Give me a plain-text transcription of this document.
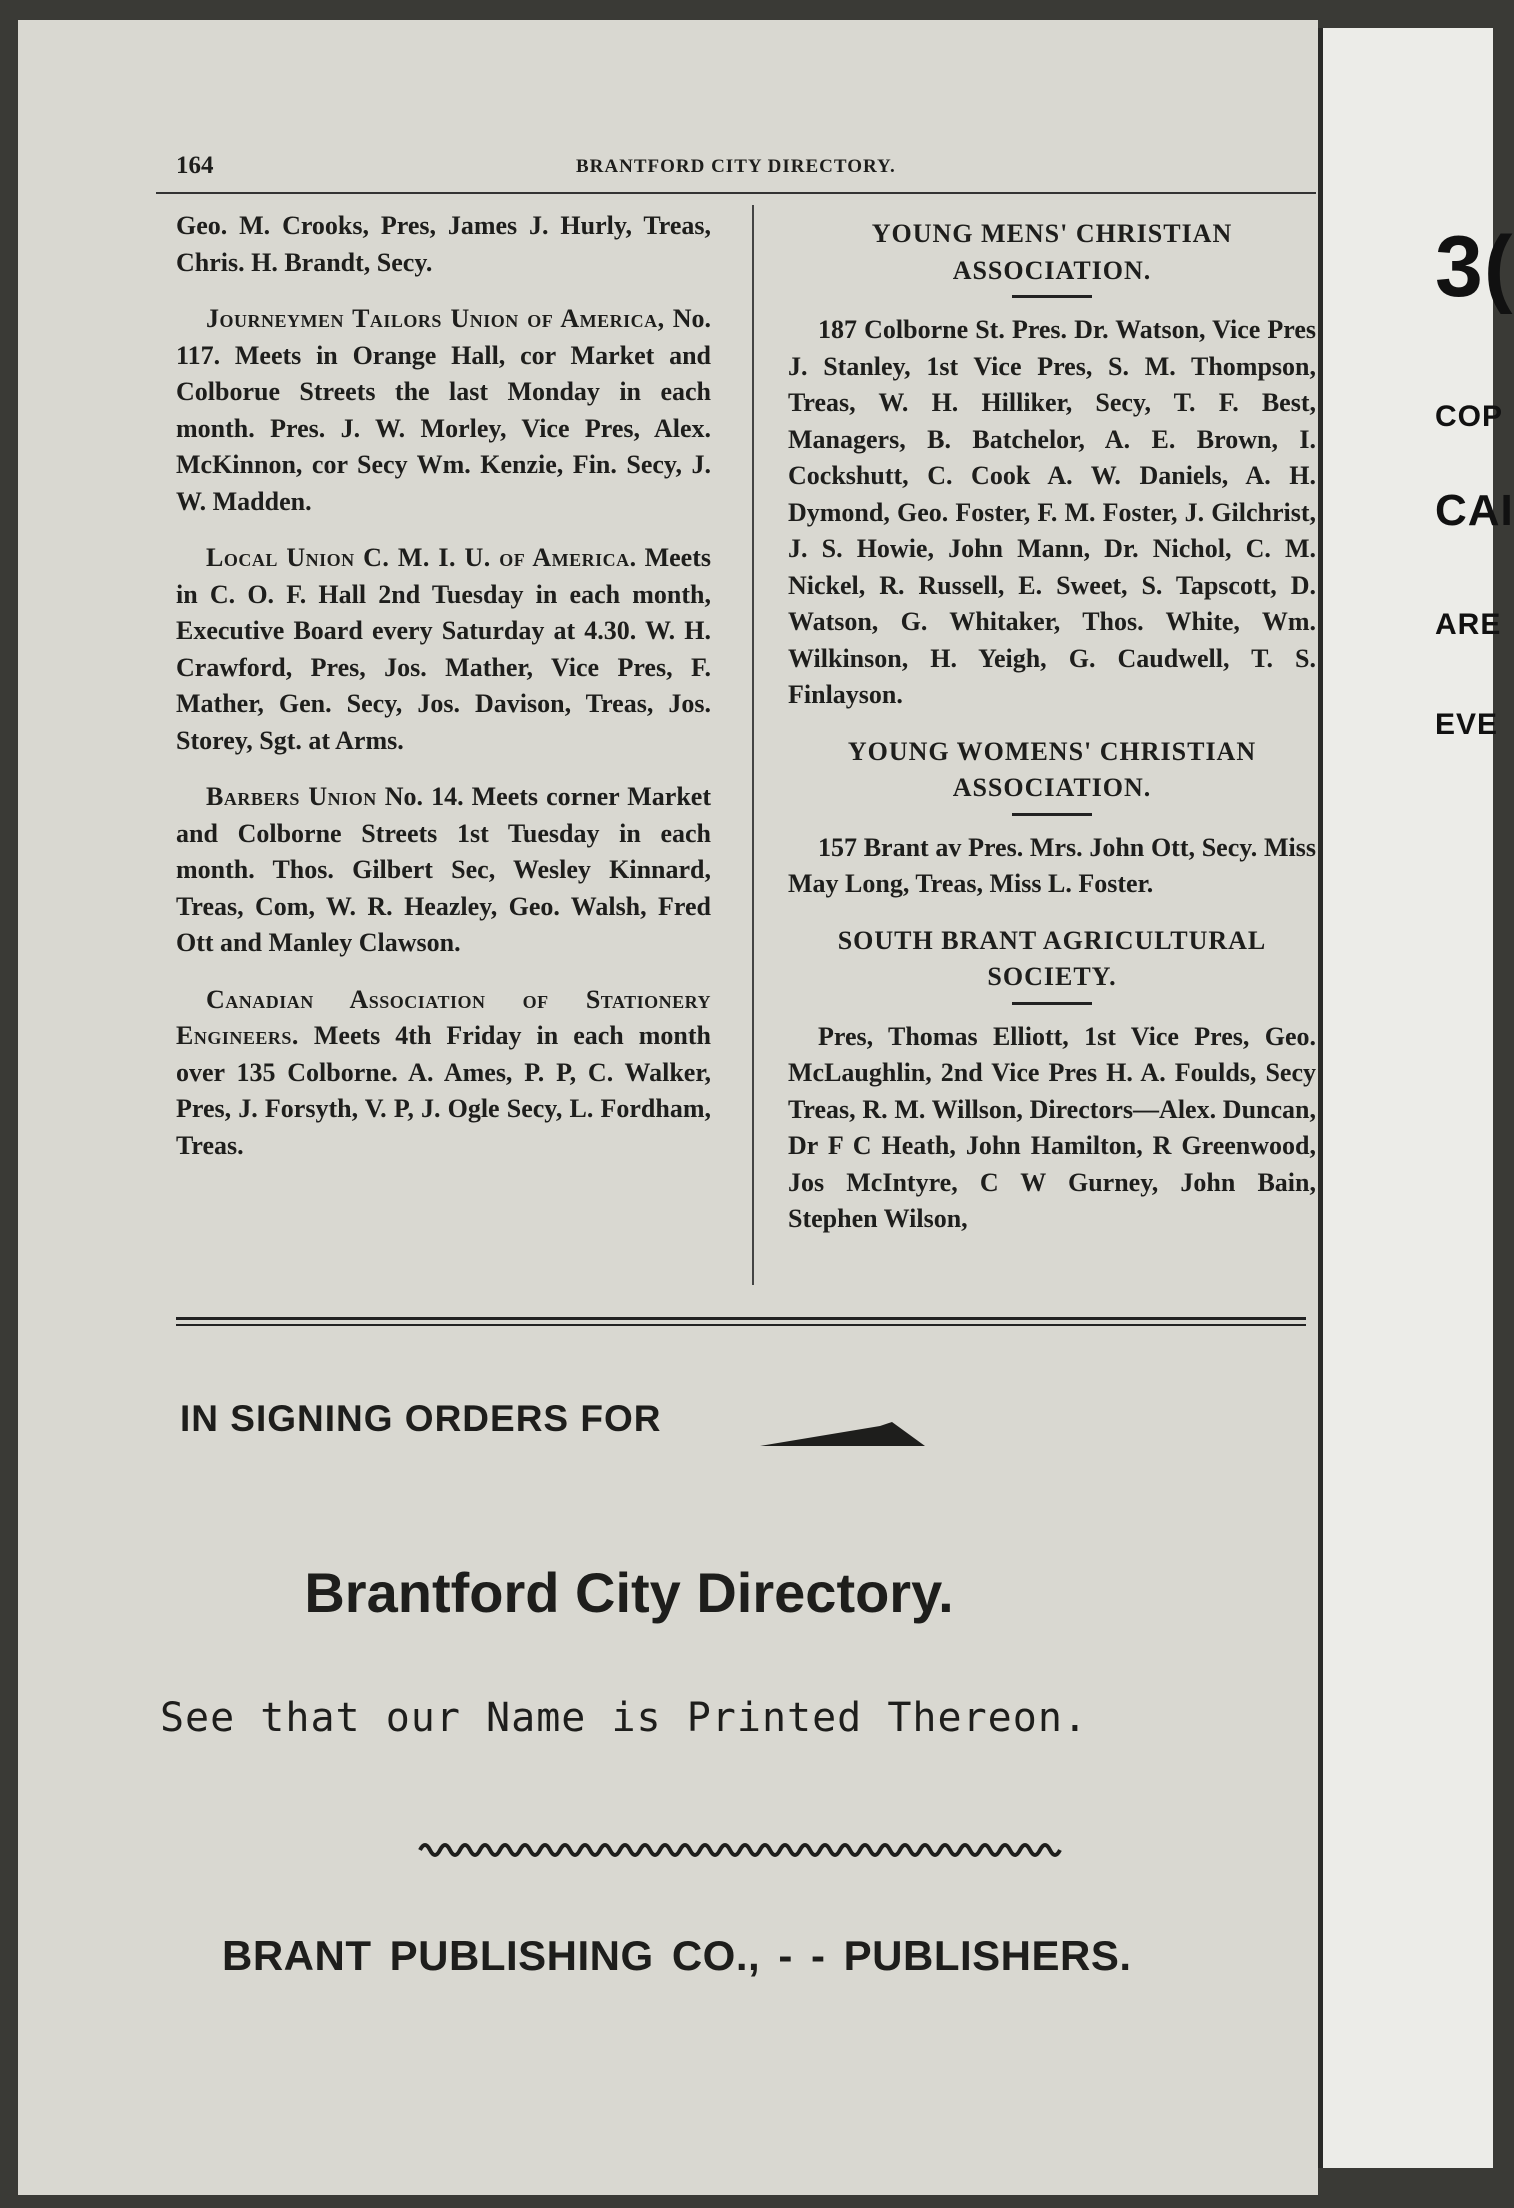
3(
COP
CAI
ARE
EVE
164	BRANTFORD CITY DIRECTORY.
Geo. M. Crooks, Pres, James J. Hurly, Treas, Chris. H. Brandt, Secy.
Journeymen Tailors Union of America, No. 117. Meets in Orange Hall, cor Market and Colborue Streets the last Monday in each month. Pres. J. W. Morley, Vice Pres, Alex. McKinnon, cor Secy Wm. Kenzie, Fin. Secy, J. W. Madden.
Local Union C. M. I. U. of America. Meets in C. O. F. Hall 2nd Tuesday in each month, Executive Board every Saturday at 4.30. W. H. Crawford, Pres, Jos. Mather, Vice Pres, F. Mather, Gen. Secy, Jos. Davison, Treas, Jos. Storey, Sgt. at Arms.
Barbers Union No. 14. Meets corner Market and Colborne Streets 1st Tuesday in each month. Thos. Gilbert Sec, Wesley Kinnard, Treas, Com, W. R. Heazley, Geo. Walsh, Fred Ott and Manley Clawson.
Canadian Association of Stationery Engineers. Meets 4th Friday in each month over 135 Colborne. A. Ames, P. P, C. Walker, Pres, J. Forsyth, V. P, J. Ogle Secy, L. Fordham, Treas.
YOUNG MENS' CHRISTIAN ASSOCIATION.
187 Colborne St. Pres. Dr. Watson, Vice Pres J. Stanley, 1st Vice Pres, S. M. Thompson, Treas, W. H. Hilliker, Secy, T. F. Best, Managers, B. Batchelor, A. E. Brown, I. Cockshutt, C. Cook A. W. Daniels, A. H. Dymond, Geo. Foster, F. M. Foster, J. Gilchrist, J. S. Howie, John Mann, Dr. Nichol, C. M. Nickel, R. Russell, E. Sweet, S. Tapscott, D. Watson, G. Whitaker, Thos. White, Wm. Wilkinson, H. Yeigh, G. Caudwell, T. S. Finlayson.
YOUNG WOMENS' CHRISTIAN ASSOCIATION.
157 Brant av Pres. Mrs. John Ott, Secy. Miss May Long, Treas, Miss L. Foster.
SOUTH BRANT AGRICULTURAL SOCIETY.
Pres, Thomas Elliott, 1st Vice Pres, Geo. McLaughlin, 2nd Vice Pres H. A. Foulds, Secy Treas, R. M. Willson, Directors—Alex. Duncan, Dr F C Heath, John Hamilton, R Greenwood, Jos McIntyre, C W Gurney, John Bain, Stephen Wilson,
IN SIGNING ORDERS FOR
Brantford City Directory.
See that our Name is Printed Thereon.
BRANT PUBLISHING CO., - - PUBLISHERS.
